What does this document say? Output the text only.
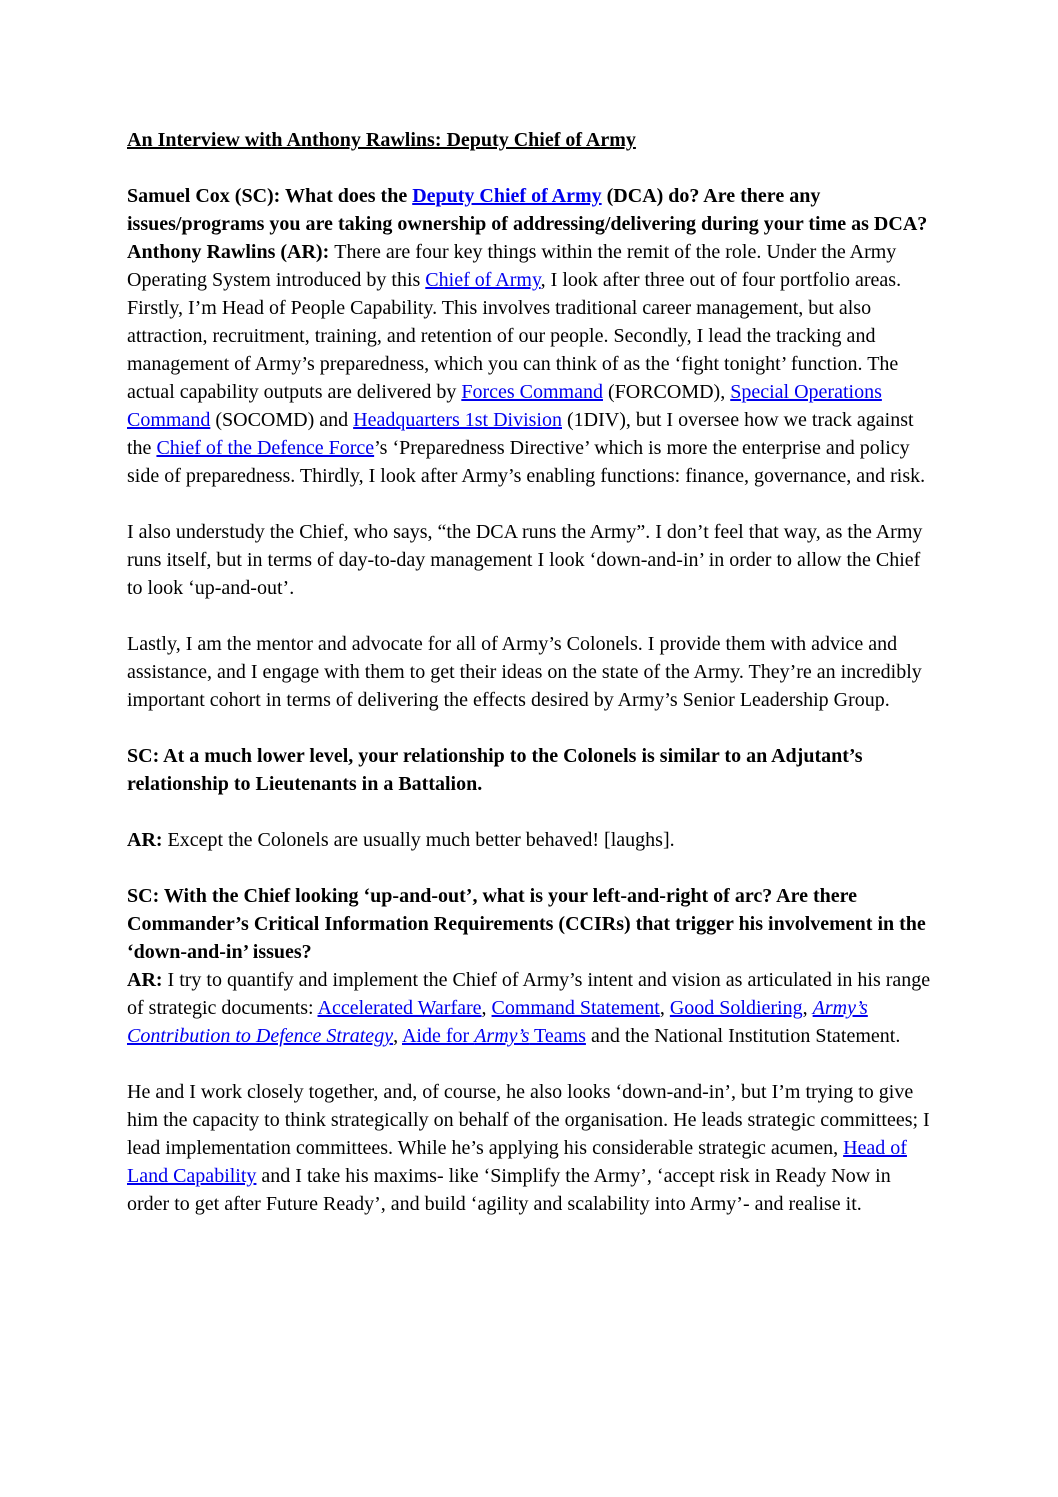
An Interview with Anthony Rawlins: Deputy Chief of Army

Samuel Cox (SC): What does the Deputy Chief of Army (DCA) do? Are there any issues/programs you are taking ownership of addressing/delivering during your time as DCA?

Anthony Rawlins (AR): There are four key things within the remit of the role. Under the Army Operating System introduced by this Chief of Army, I look after three out of four portfolio areas.  Firstly, I’m Head of People Capability. This involves traditional career management, but also attraction, recruitment, training, and retention of our people. Secondly, I lead the tracking and management of Army’s preparedness, which you can think of as the ‘fight tonight’ function. The actual capability outputs are delivered by Forces Command (FORCOMD), Special Operations Command (SOCOMD) and Headquarters 1st Division (1DIV), but I oversee how we track against the Chief of the Defence Force’s ‘Preparedness Directive’ which is more the enterprise and policy side of preparedness. Thirdly, I look after Army’s enabling functions: finance, governance, and risk.

I also understudy the Chief, who says, “the DCA runs the Army”. I don’t feel that way, as the Army runs itself, but in terms of day-to-day management I look ‘down-and-in’ in order to allow the Chief to look ‘up-and-out’.

Lastly, I am the mentor and advocate for all of Army’s Colonels. I provide them with advice and assistance, and I engage with them to get their ideas on the state of the Army. They’re an incredibly important cohort in terms of delivering the effects desired by Army’s Senior Leadership Group.

SC: At a much lower level, your relationship to the Colonels is similar to an Adjutant’s relationship to Lieutenants in a Battalion.

AR: Except the Colonels are usually much better behaved! [laughs].

SC: With the Chief looking ‘up-and-out’, what is your left-and-right of arc? Are there Commander’s Critical Information Requirements (CCIRs) that trigger his involvement in the ‘down-and-in’ issues?

AR: I try to quantify and implement the Chief of Army’s intent and vision as articulated in his range of strategic documents: Accelerated Warfare, Command Statement, Good Soldiering, Army’s Contribution to Defence Strategy, Aide for Army’s Teams and the National Institution Statement.

He and I work closely together, and, of course, he also looks ‘down-and-in’, but I’m trying to give him the capacity to think strategically on behalf of the organisation. He leads strategic committees; I lead implementation committees. While he’s applying his considerable strategic acumen, Head of Land Capability and I take his maxims- like ‘Simplify the Army’, ‘accept risk in Ready Now in order to get after Future Ready’, and build ‘agility and scalability into Army’- and realise it.
